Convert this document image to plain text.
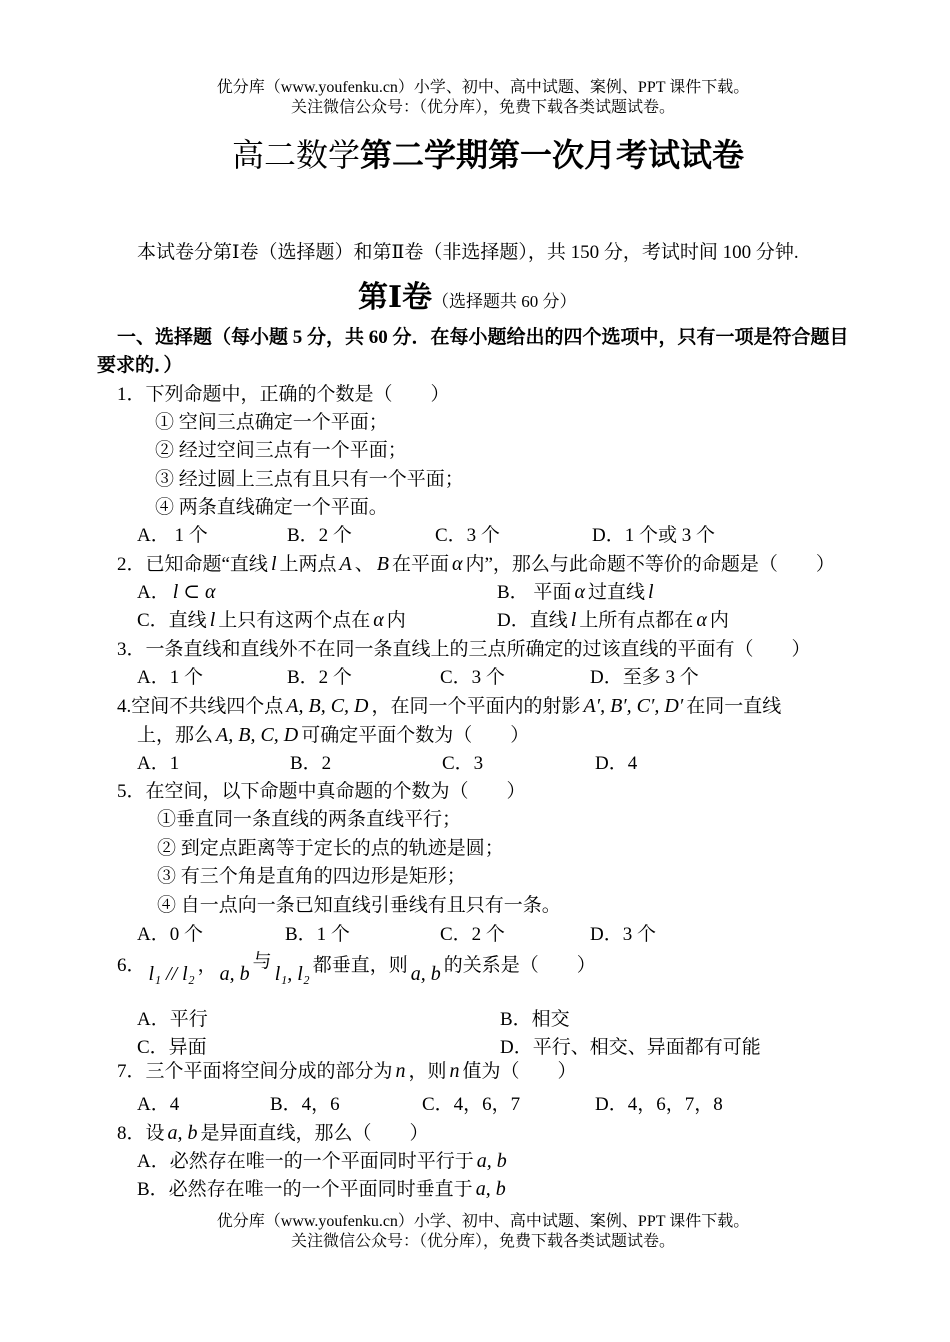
优分库（www.youfenku.cn）小学、初中、高中试题、案例、PPT 课件下载。
关注微信公众号：（优分库），免费下载各类试题试卷。
高二数学第二学期第一次月考试试卷
本试卷分第Ⅰ卷（选择题）和第Ⅱ卷（非选择题），共 150 分，考试时间 100 分钟.
第Ⅰ卷（选择题共 60 分）
一、选择题（每小题 5 分，共 60 分．在每小题给出的四个选项中，只有一项是符合题目
要求的．）
1．下列命题中，正确的个数是（　　）
① 空间三点确定一个平面；
② 经过空间三点有一个平面；
③ 经过圆上三点有且只有一个平面；
④ 两条直线确定一个平面。
A． 1 个	B．2 个	C．3 个	D．1 个或 3 个
2．已知命题“直线 l 上两点 A 、 B 在平面 α 内”，那么与此命题不等价的命题是（　　）
A． l ⊂ α	B． 平面 α 过直线 l
C．直线 l 上只有这两个点在 α 内	D．直线 l 上所有点都在 α 内
3．一条直线和直线外不在同一条直线上的三点所确定的过该直线的平面有（　　）
A．1 个	B．2 个	C．3 个	D．至多 3 个
4.空间不共线四个点 A, B, C, D ，在同一个平面内的射影 A′, B′, C′, D′ 在同一直线
上，那么 A, B, C, D 可确定平面个数为（　　）
A．1	B．2	C．3	D．4
5．在空间，以下命题中真命题的个数为（　　）
①垂直同一条直线的两条直线平行；
② 到定点距离等于定长的点的轨迹是圆；
③ 有三个角是直角的四边形是矩形；
④ 自一点向一条已知直线引垂线有且只有一条。
A．0 个	B．1 个	C．2 个	D．3 个
6． l₁ // l₂ ， a, b与l₁, l₂ 都垂直，则 a, b 的关系是（　　）
A．平行	B．相交
C．异面	D．平行、相交、异面都有可能
7．三个平面将空间分成的部分为 n ，则 n 值为（　　）
A．4	B．4，6	C．4，6，7	D．4，6，7，8
8．设 a, b 是异面直线，那么（　　）
A．必然存在唯一的一个平面同时平行于 a, b
B．必然存在唯一的一个平面同时垂直于 a, b
优分库（www.youfenku.cn）小学、初中、高中试题、案例、PPT 课件下载。
关注微信公众号：（优分库），免费下载各类试题试卷。
